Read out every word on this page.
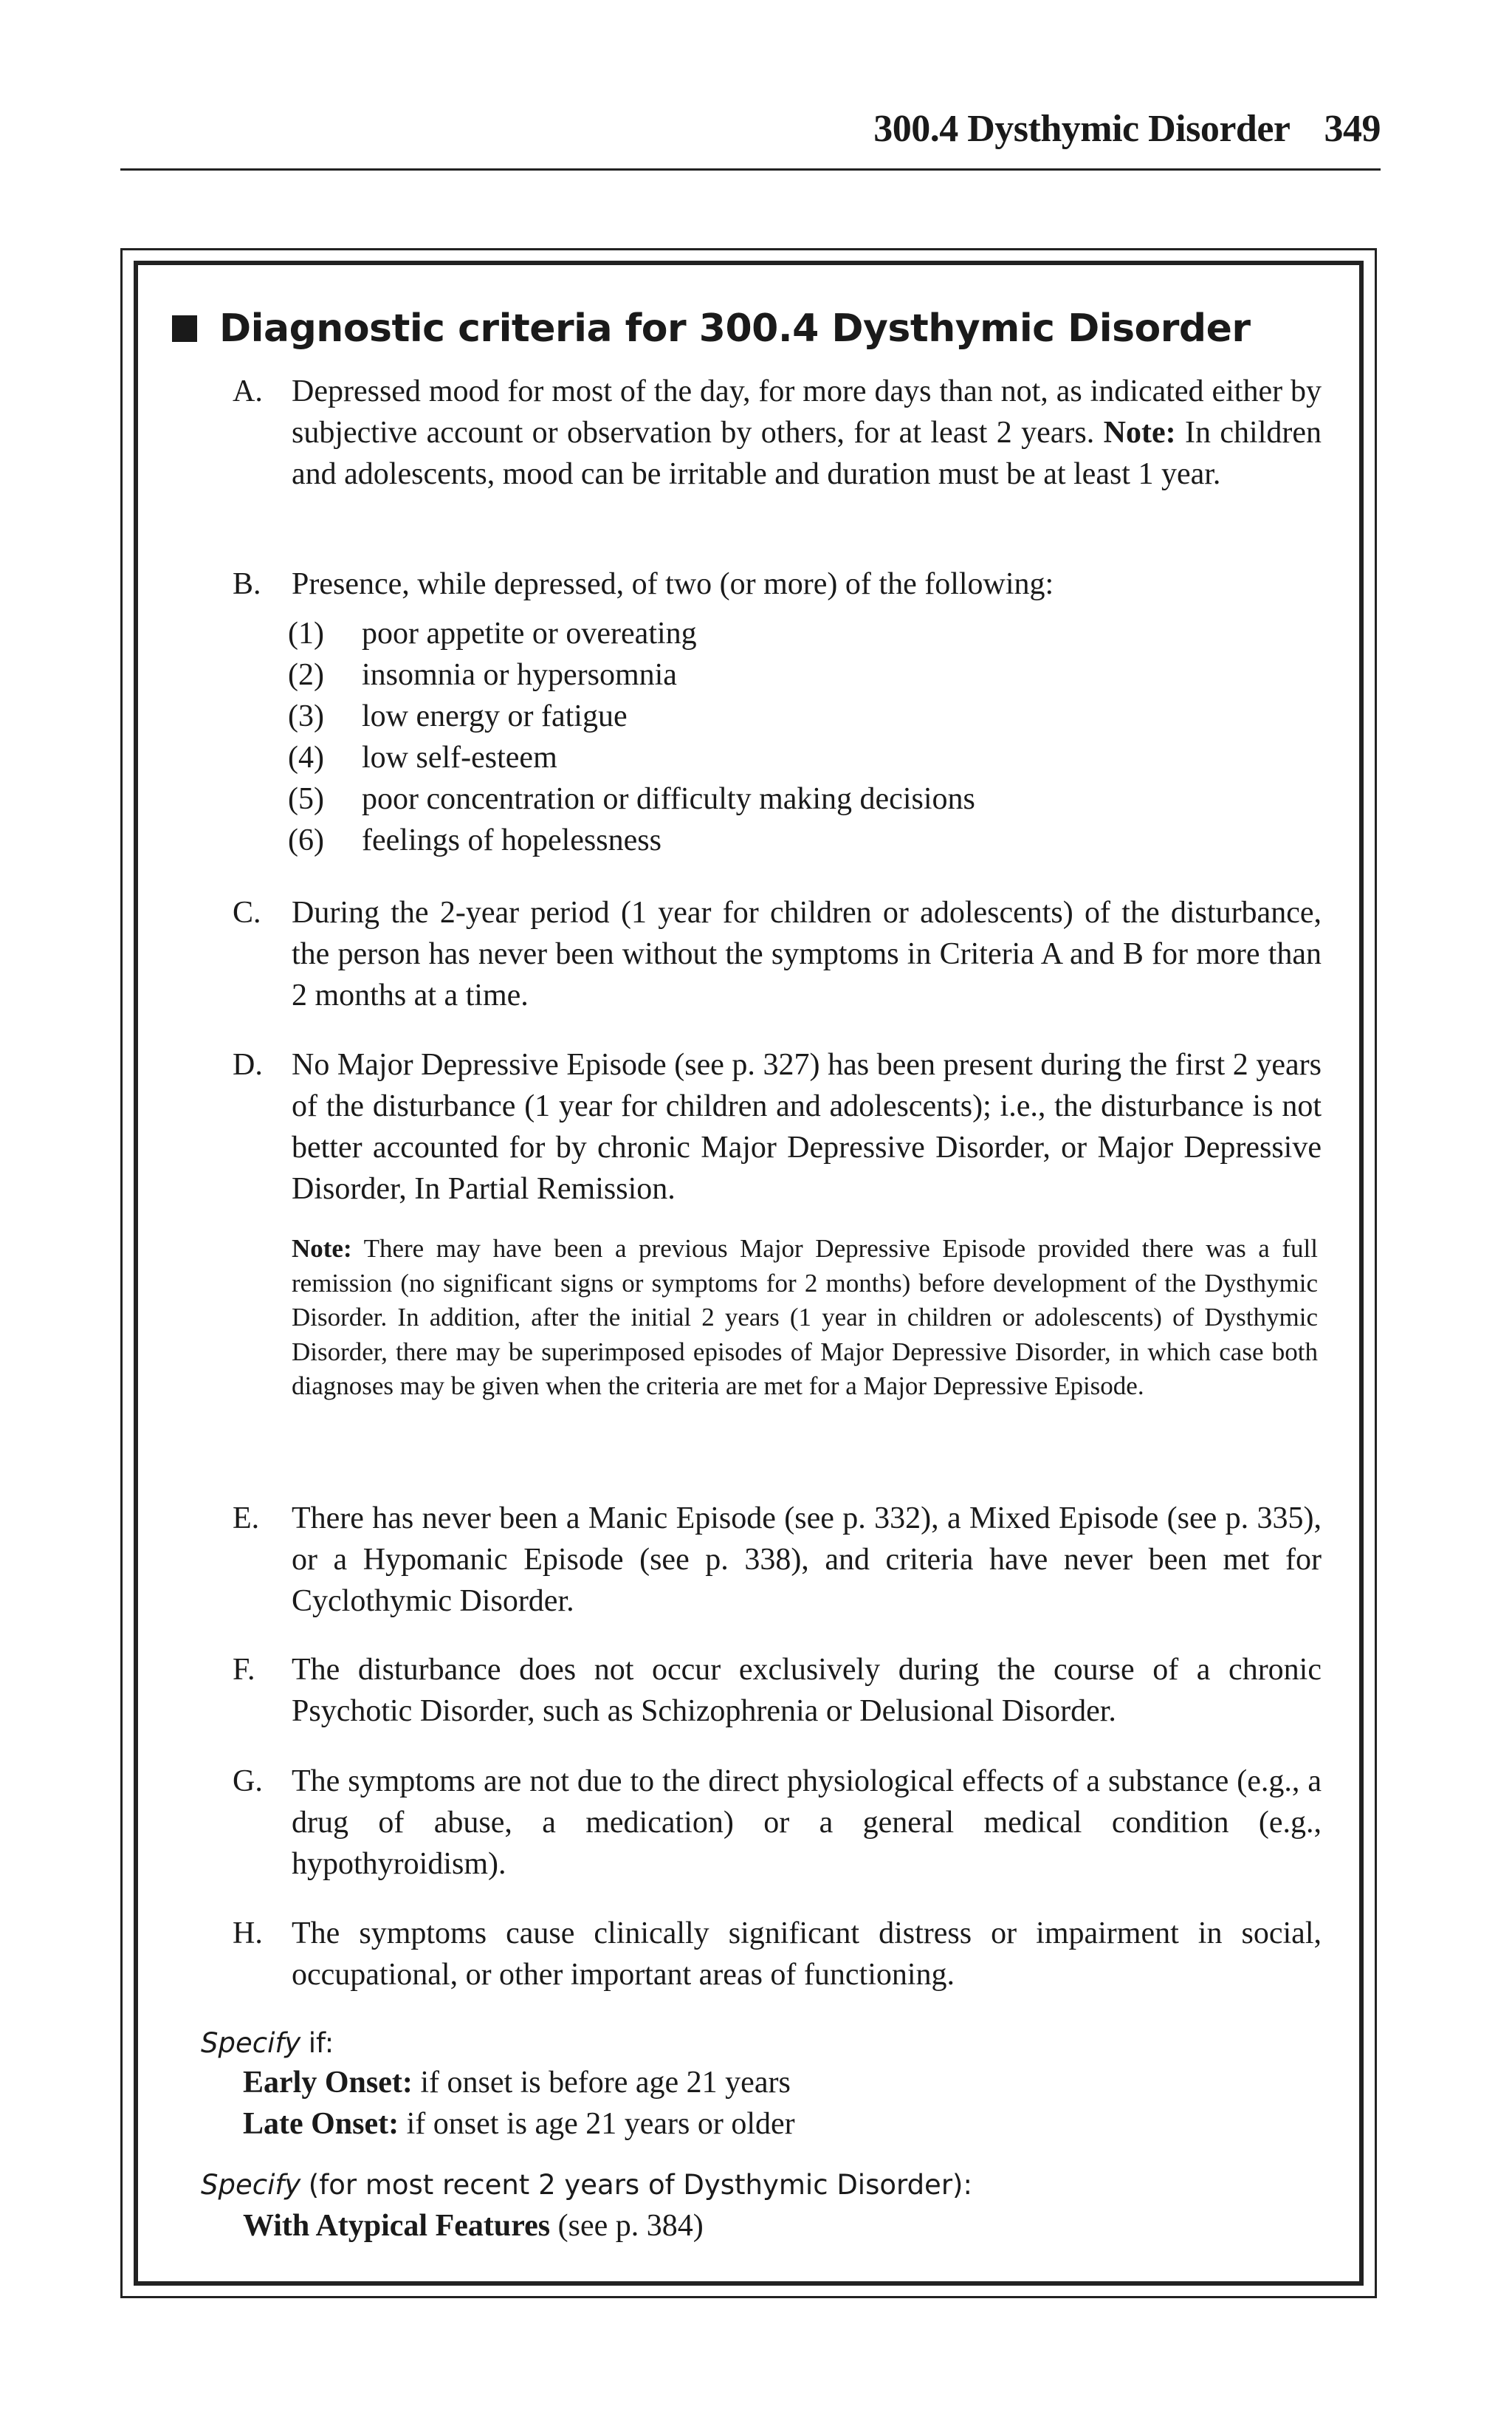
300.4 Dysthymic Disorder 349
Diagnostic criteria for 300.4 Dysthymic Disorder
A. Depressed mood for most of the day, for more days than not, as indicated either by subjective account or observation by others, for at least 2 years. Note: In children and adolescents, mood can be irritable and duration must be at least 1 year.
B. Presence, while depressed, of two (or more) of the following:
(1)	poor appetite or overeating
(2)	insomnia or hypersomnia
(3)	low energy or fatigue
(4)	low self-esteem
(5)	poor concentration or difficulty making decisions
(6)	feelings of hopelessness
C. During the 2-year period (1 year for children or adolescents) of the disturbance, the person has never been without the symptoms in Criteria A and B for more than 2 months at a time.
D. No Major Depressive Episode (see p. 327) has been present during the first 2 years of the disturbance (1 year for children and adolescents); i.e., the disturbance is not better accounted for by chronic Major Depressive Disorder, or Major Depressive Disorder, In Partial Remission.
Note: There may have been a previous Major Depressive Episode provided there was a full remission (no significant signs or symptoms for 2 months) before development of the Dysthymic Disorder. In addition, after the initial 2 years (1 year in children or adolescents) of Dysthymic Disorder, there may be superimposed episodes of Major Depressive Disorder, in which case both diagnoses may be given when the criteria are met for a Major Depressive Episode.
E.	There has never been a Manic Episode (see p. 332), a Mixed Episode (see p. 335), or a Hypomanic Episode (see p. 338), and criteria have never been met for Cyclothymic Disorder.
F.	The disturbance does not occur exclusively during the course of a chronic Psychotic Disorder, such as Schizophrenia or Delusional Disorder.
G. The symptoms are not due to the direct physiological effects of a substance (e.g., a drug of abuse, a medication) or a general medical condition (e.g., hypothyroidism).
H. The symptoms cause clinically significant distress or impairment in social, occupational, or other important areas of functioning.
Specify if:
Early Onset: if onset is before age 21 years
Late Onset: if onset is age 21 years or older
Specify (for most recent 2 years of Dysthymic Disorder):
With Atypical Features (see p. 384)
